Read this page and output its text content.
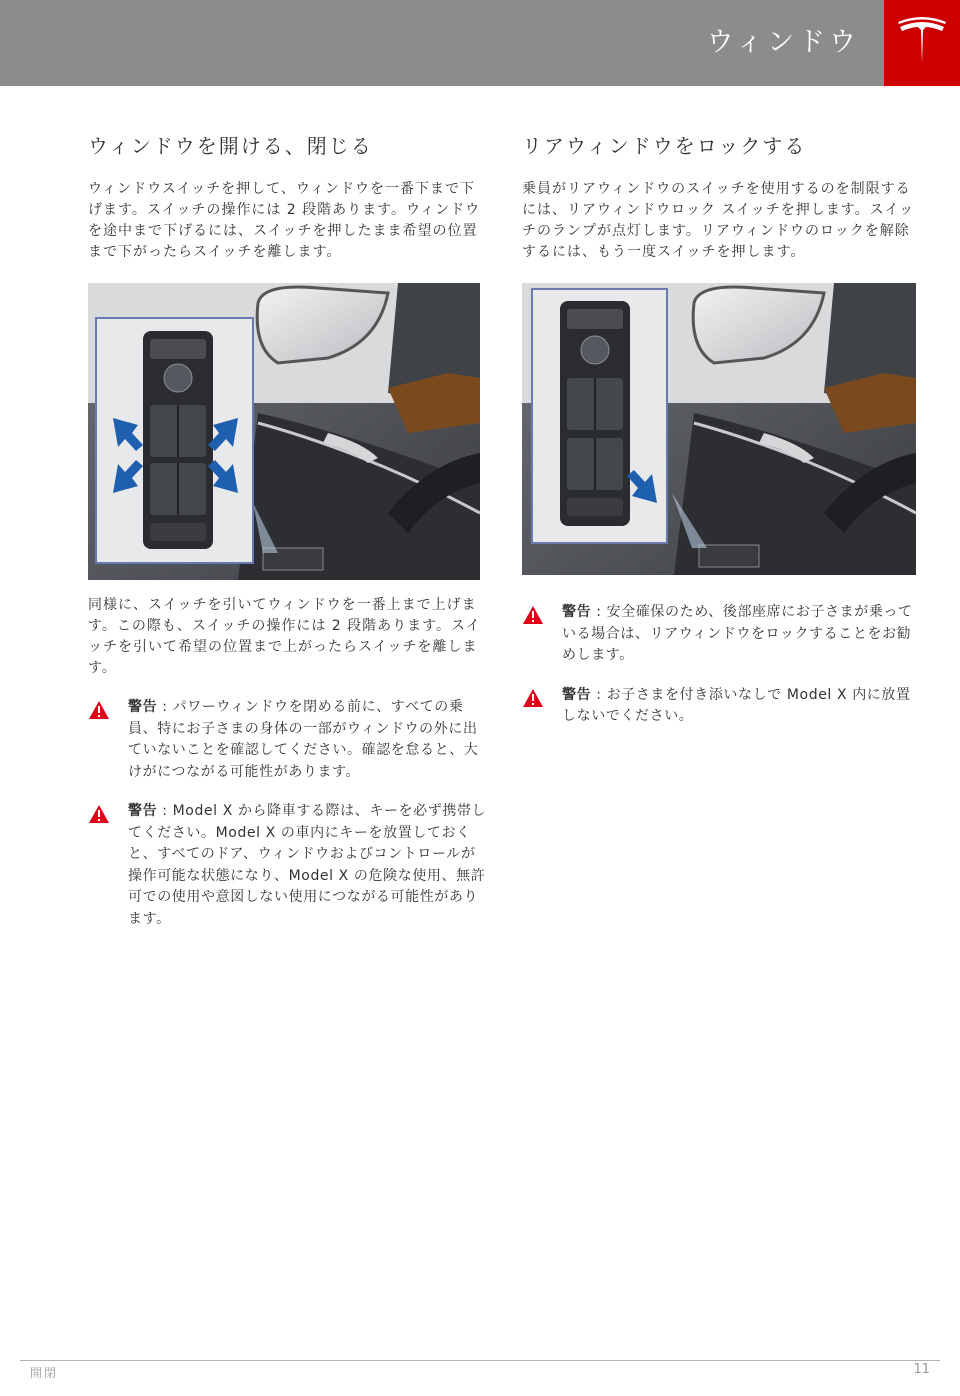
ウィンドウ
ウィンドウを開ける、閉じる

ウィンドウスイッチを押して、ウィンドウを一番下まで下げます。スイッチの操作には 2 段階あります。ウィンドウを途中まで下げるには、スイッチを押したまま希望の位置まで下がったらスイッチを離します。

同様に、スイッチを引いてウィンドウを一番上まで上げます。この際も、スイッチの操作には 2 段階あります。スイッチを引いて希望の位置まで上がったらスイッチを離します。

警告 : パワーウィンドウを閉める前に、すべての乗員、特にお子さまの身体の一部がウィンドウの外に出ていないことを確認してください。確認を怠ると、大けがにつながる可能性があります。
警告 : Model X から降車する際は、キーを必ず携帯してください。Model X の車内にキーを放置しておくと、すべてのドア、ウィンドウおよびコントロールが操作可能な状態になり、Model X の危険な使用、無許可での使用や意図しない使用につながる可能性があります。
リアウィンドウをロックする

乗員がリアウィンドウのスイッチを使用するのを制限するには、リアウィンドウロック スイッチを押します。スイッチのランプが点灯します。リアウィンドウのロックを解除するには、もう一度スイッチを押します。

警告 : 安全確保のため、後部座席にお子さまが乗っている場合は、リアウィンドウをロックすることをお勧めします。
警告 : お子さまを付き添いなしで Model X 内に放置しないでください。
開閉	11
